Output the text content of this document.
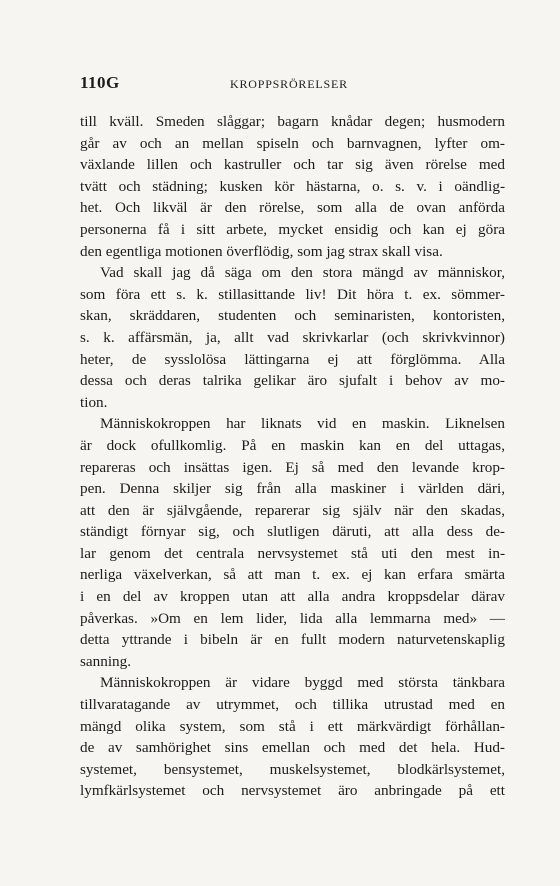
110G	KROPPSRÖRELSER
till kväll. Smeden slåggar; bagarn knådar degen; husmodern
går av och an mellan spiseln och barnvagnen, lyfter om-
växlande lillen och kastruller och tar sig även rörelse med
tvätt och städning; kusken kör hästarna, o. s. v. i oändlig-
het. Och likväl är den rörelse, som alla de ovan anförda
personerna få i sitt arbete, mycket ensidig och kan ej göra
den egentliga motionen överflödig, som jag strax skall visa.
Vad skall jag då säga om den stora mängd av människor,
som föra ett s. k. stillasittande liv! Dit höra t. ex. sömmer-
skan, skräddaren, studenten och seminaristen, kontoristen,
s. k. affärsmän, ja, allt vad skrivkarlar (och skrivkvinnor)
heter, de sysslolösa lättingarna ej att förglömma. Alla
dessa och deras talrika gelikar äro sjufalt i behov av mo-
tion.
Människokroppen har liknats vid en maskin. Liknelsen
är dock ofullkomlig. På en maskin kan en del uttagas,
repareras och insättas igen. Ej så med den levande krop-
pen. Denna skiljer sig från alla maskiner i världen däri,
att den är självgående, reparerar sig själv när den skadas,
ständigt förnyar sig, och slutligen däruti, att alla dess de-
lar genom det centrala nervsystemet stå uti den mest in-
nerliga växelverkan, så att man t. ex. ej kan erfara smärta
i en del av kroppen utan att alla andra kroppsdelar därav
påverkas. »Om en lem lider, lida alla lemmarna med» —
detta yttrande i bibeln är en fullt modern naturvetenskaplig
sanning.
Människokroppen är vidare byggd med största tänkbara
tillvaratagande av utrymmet, och tillika utrustad med en
mängd olika system, som stå i ett märkvärdigt förhållan-
de av samhörighet sins emellan och med det hela. Hud-
systemet, bensystemet, muskelsystemet, blodkärlsystemet,
lymfkärlsystemet och nervsystemet äro anbringade på ett
